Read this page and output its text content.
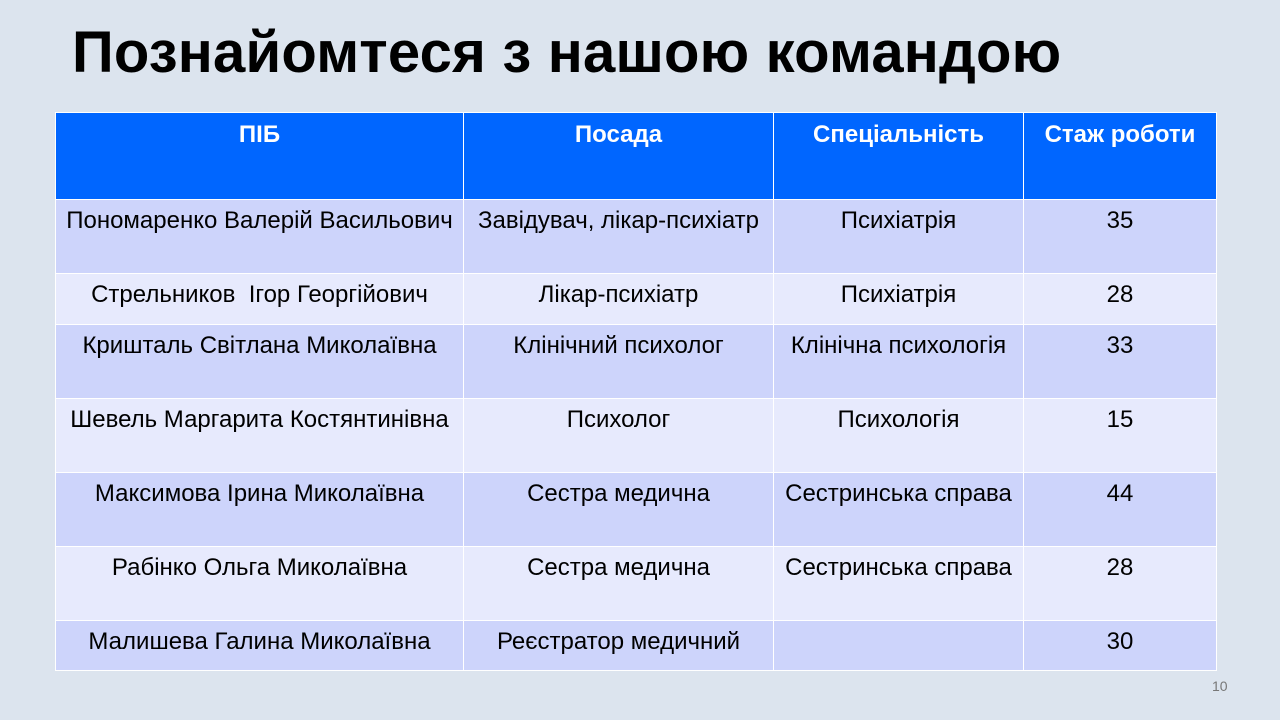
Познайомтеся з нашою командою
ПІБ	Посада	Спеціальність	Стаж роботи
Пономаренко Валерій Васильович	Завідувач, лікар-психіатр	Психіатрія	35
Стрельников  Ігор Георгійович	Лікар-психіатр	Психіатрія	28
Кришталь Світлана Миколаївна	Клінічний психолог	Клінічна психологія	33
Шевель Маргарита Костянтинівна	Психолог	Психологія	15
Максимова Ірина Миколаївна	Сестра медична	Сестринська справа	44
Рабінко Ольга Миколаївна	Сестра медична	Сестринська справа	28
Малишева Галина Миколаївна	Реєстратор медичний		30
10
